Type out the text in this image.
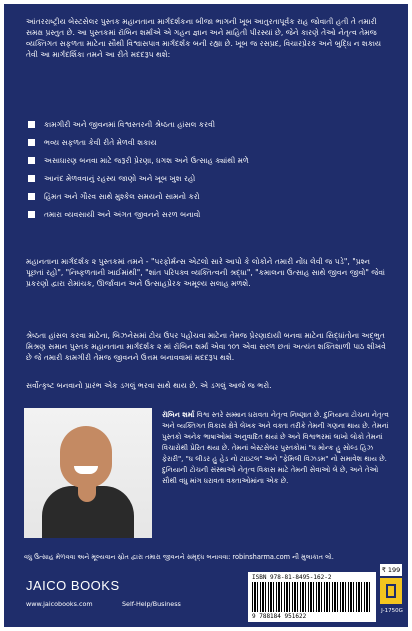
આંતરરાષ્ટ્રીય બેસ્ટસેલર પુસ્તક મહાનતાના માર્ગદર્શકના બીજા ભાગની ખૂબ આતુરતાપૂર્વક રાહ જોવાતી હતી તે તમારી સમક્ષ પ્રસ્તુત છે. આ પુસ્તકમાં રૉબિન શર્માએ એ ગહન જ્ઞાન અને માહિતી પીરસ્યાં છે, જેને કારણે તેઓ નેતૃત્વ તેમજ વ્યક્તિગત સફળતા માટેના સૌથી વિશ્વાસપાત્ર માર્ગદર્શક બની રહ્યા છે. ખૂબ જ રસપ્રદ, વિચારપ્રેરક અને બુદ્ધિ ન શકાય તેવી આ માર્ગદર્શિકા તમને આ રીતે મદદરૂપ થશે:

કામગીરી અને જીવનમાં વિશ્વસ્તરની શ્રેષ્ઠતા હાંસલ કરવી
ભવ્ય સફળતા કેવી રીતે મેળવી શકાય
અસાધારણ બનવા માટે જરૂરી પ્રેરણા, ધગશ અને ઉત્સાહ ક્યાંથી મળે
આનંદ મેળવવાનું રહસ્ય જાણો અને ખૂબ ખુશ રહો
હિંમત અને ગૌરવ સાથે મુશ્કેલ સમયનો સામનો કરો
તમારા વ્યવસાયી અને અંગત જીવનને સરળ બનાવો

મહાનતાના માર્ગદર્શક ૨ પુસ્તકમાં તમને - "પરફોર્મન્સ એટલો સારે આપો કે લોકોને તમારી નોંધ લેવી જ પડે", "પ્રશ્ન પૂછતાં રહો", "નિષ્ફળતાની ખાઈમાંથી", "શાંત પરિપક્વ વ્યક્તિત્વની શ્રદ્ધા", "કમાલના ઉત્સાહ સાથે જીવન જીવો" જેવાં પ્રકરણો દ્વારા રોમાંચક, ઊર્જાવાન અને ઉત્સાહપ્રેરક અમૂલ્ય સલાહ મળશે.

શ્રેષ્ઠતા હાંસલ કરવા માટેના, બિઝનેસમાં ટોચ ઉપર પહોંચવા માટેના તેમજ પ્રેરણાદાયી બનવા માટેના સિદ્ધાંતોના અદ્ભુત મિશ્રણ સમાન પુસ્તક મહાનતાના માર્ગદર્શક ૨ માં રૉબિન શર્મા એવા ૧૦૧ એવા સરળ છતાં અત્યંત શક્તિશાળી પાઠ શીખવે છે જે તમારી કામગીરી તેમજ જીવનને ઉત્તમ બનાવવામાં મદદરૂપ થશે.

સર્વોત્કૃષ્ટ બનવાનો પ્રારંભ એક ડગલું ભરવા સાથે થાય છે. એ ડગલું આજે જ ભરો.

રૉબિન શર્મા વિશ્વ સ્તરે સમ્માન ધરાવતા નેતૃત્વ નિષ્ણાત છે. દુનિયાના ટોચના નેતૃત્વ અને વ્યક્તિગત વિકાસ ક્ષેત્રે લેખક અને વક્તા તરીકે તેમની ગણના થાય છે. તેમનાં પુસ્તકો અનેક ભાષાઓમાં અનુવાદિત થયાં છે અને વિશ્વભરમાં લાખો લોકો તેમનાં વિચારોથી પ્રેરિત થયા છે. તેમનાં બેસ્ટસેલર પુસ્તકોમાં "ધ મોન્ક હુ સોલ્ડ હિઝ ફેરારી", "ધ લીડર હુ હેડ નો ટાઇટલ" અને "ફેમિલી વિઝડમ" નો સમાવેશ થાય છે. દુનિયાની ટોચની સંસ્થાઓ નેતૃત્વ વિકાસ માટે તેમની સેવાઓ લે છે, અને તેઓ સૌથી વધુ માંગ ધરાવતા વક્તાઓમાંના એક છે.

વધુ ઉત્સાહ મેળવવા અને મૂલ્યવાન સ્રોત દ્વારા તમારા જીવનને સમૃદ્ધ બનાવવા: robinsharma.com ની મુલાકાત લો.

JAICO BOOKS
www.jaicobooks.com	Self-Help/Business
ISBN 978-81-8495-162-2
9 788184 951622
₹ 199
J-1750G
